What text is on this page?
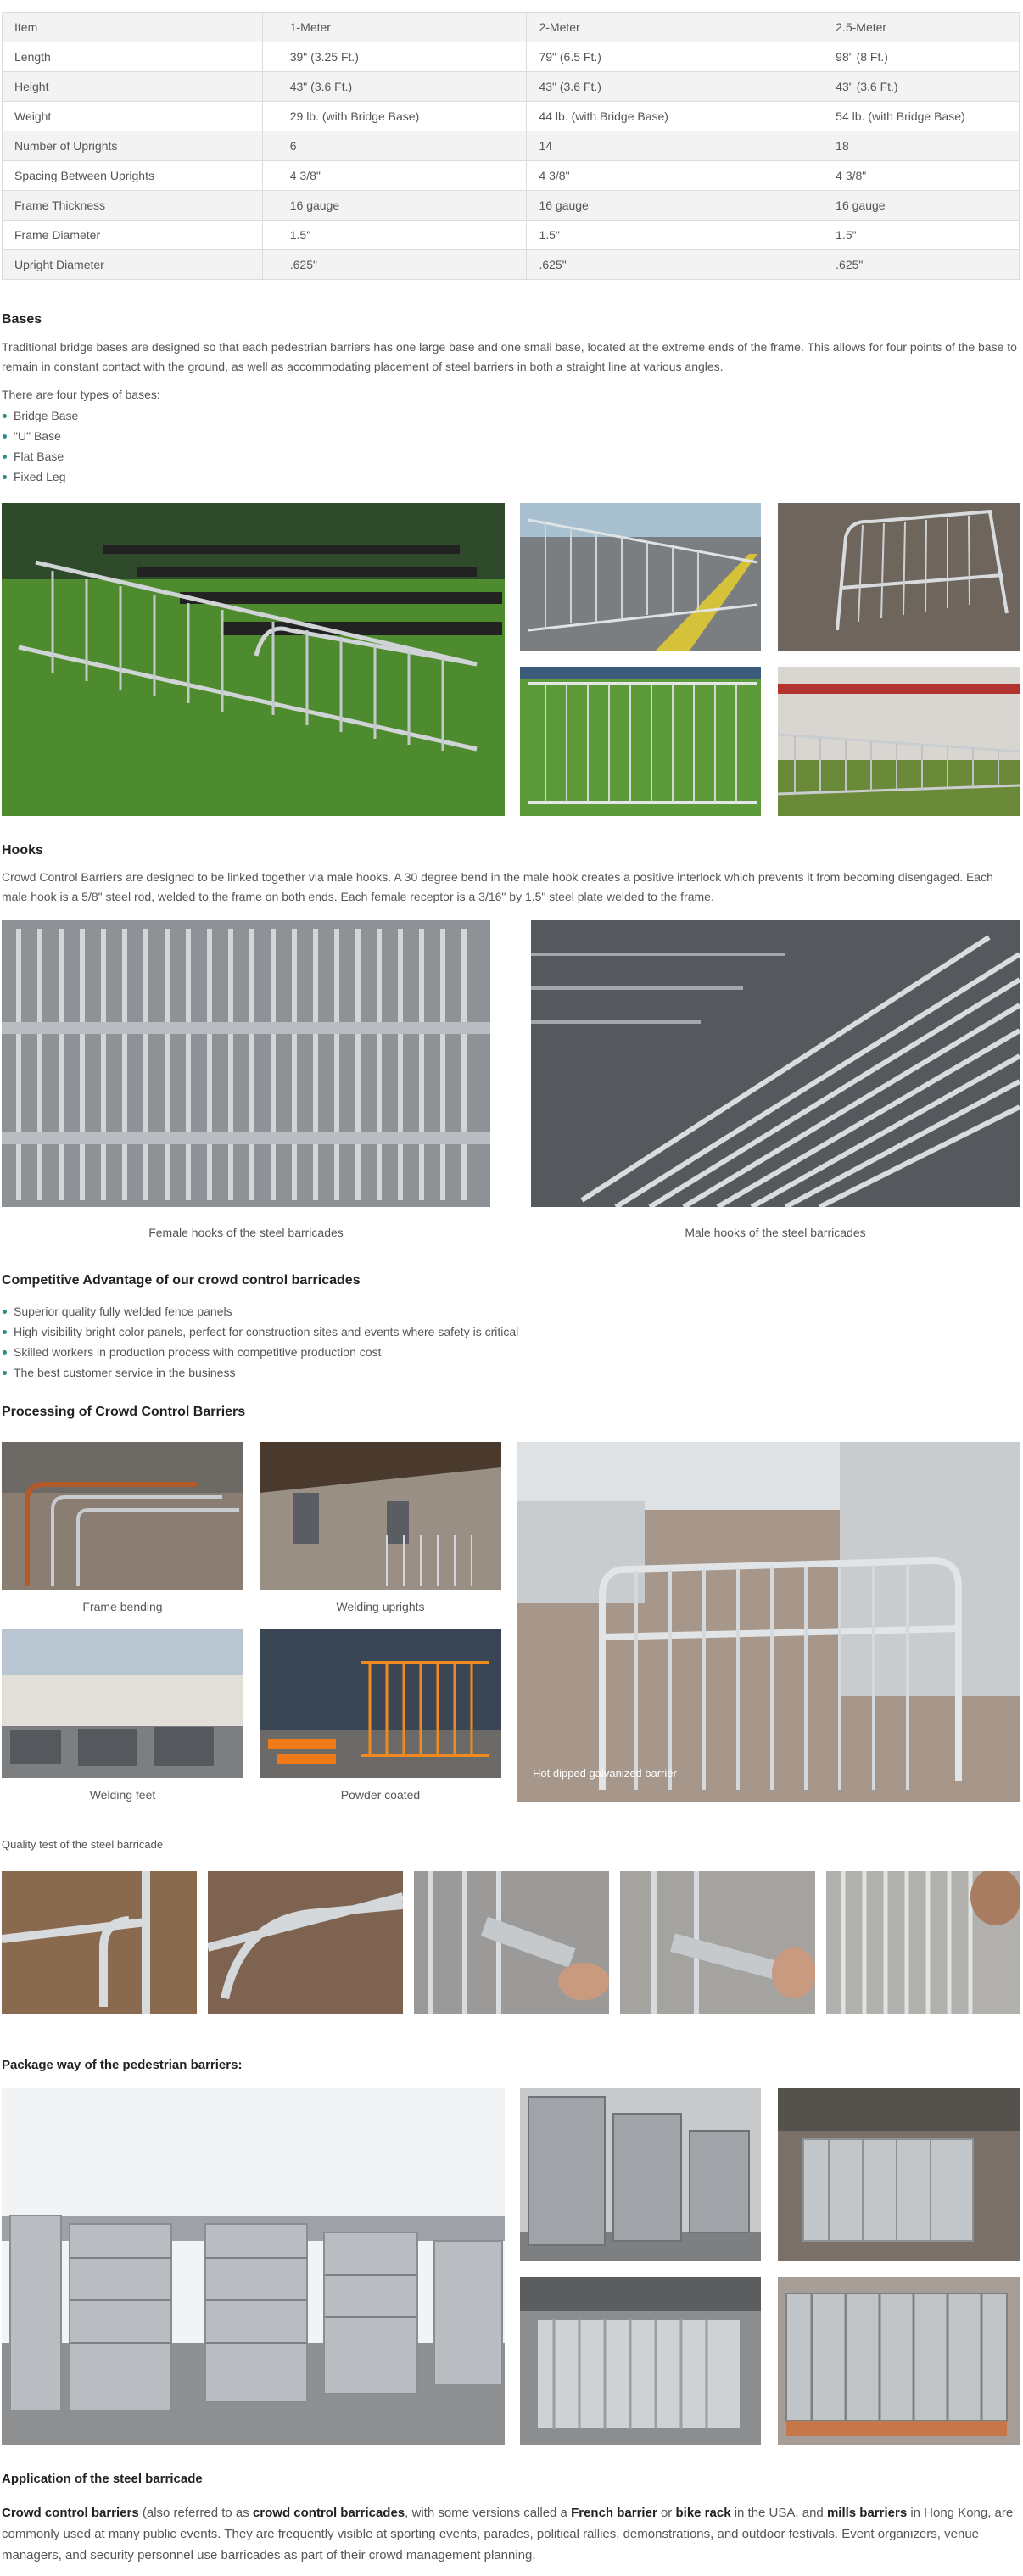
Item	1-Meter	2-Meter	2.5-Meter
Length	39" (3.25 Ft.)	79" (6.5 Ft.)	98" (8 Ft.)
Height	43" (3.6 Ft.)	43" (3.6 Ft.)	43" (3.6 Ft.)
Weight	29 lb. (with Bridge Base)	44 lb. (with Bridge Base)	54 lb. (with Bridge Base)
Number of Uprights	6	14	18
Spacing Between Uprights	4 3/8"	4 3/8"	4 3/8"
Frame Thickness	16 gauge	16 gauge	16 gauge
Frame Diameter	1.5"	1.5"	1.5"
Upright Diameter	.625"	.625"	.625"
Bases

Traditional bridge bases are designed so that each pedestrian barriers has one large base and one small base, located at the extreme ends of the frame. This allows for four points of the base to remain in constant contact with the ground, as well as accommodating placement of steel barriers in both a straight line at various angles.

There are four types of bases:

Bridge Base
"U" Base
Flat Base
Fixed Leg
Hooks

Crowd Control Barriers are designed to be linked together via male hooks. A 30 degree bend in the male hook creates a positive interlock which prevents it from becoming disengaged. Each male hook is a 5/8" steel rod, welded to the frame on both ends. Each female receptor is a 3/16" by 1.5" steel plate welded to the frame.

Female hooks of the steel barricades	Male hooks of the steel barricades

Competitive Advantage of our crowd control barricades
Superior quality fully welded fence panels
High visibility bright color panels, perfect for construction sites and events where safety is critical
Skilled workers in production process with competitive production cost
The best customer service in the business
Processing of Crowd Control Barriers

Frame bending	Welding uprights

Welding feet	Powder coated

Hot dipped galvanized barrier

Quality test of the steel barricade

Package way of the pedestrian barriers:
Application of the steel barricade

Crowd control barriers (also referred to as crowd control barricades, with some versions called a French barrier or bike rack in the USA, and mills barriers in Hong Kong, are commonly used at many public events. They are frequently visible at sporting events, parades, political rallies, demonstrations, and outdoor festivals. Event organizers, venue managers, and security personnel use barricades as part of their crowd management planning.
